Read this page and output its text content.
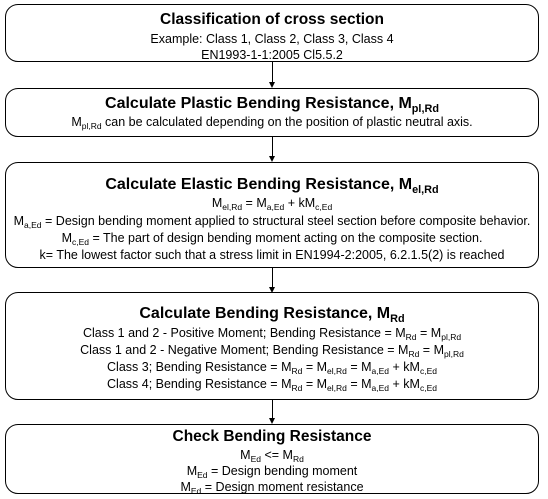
Classification of cross section
Example: Class 1, Class 2, Class 3, Class 4
EN1993-1-1:2005 Cl5.5.2
Calculate Plastic Bending Resistance, $M_{pl,Rd}$
$M_{pl,Rd}$ can be calculated depending on the position of plastic neutral axis.
Calculate Elastic Bending Resistance, $M_{el,Rd}$
$M_{el,Rd} = M_{a,Ed} + kM_{c,Ed}$
$M_{a,Ed}$ = Design bending moment applied to structural steel section before composite behavior.
$M_{c,Ed}$ = The part of design bending moment acting on the composite section.
k= The lowest factor such that a stress limit in EN1994-2:2005, 6.2.1.5(2) is reached
Calculate Bending Resistance, $M_{Rd}$
Class 1 and 2 - Positive Moment; Bending Resistance = $M_{Rd} = M_{pl,Rd}$
Class 1 and 2 - Negative Moment; Bending Resistance = $M_{Rd} = M_{pl,Rd}$
Class 3; Bending Resistance = $M_{Rd} = M_{el,Rd} = M_{a,Ed} + kM_{c,Ed}$
Class 4; Bending Resistance = $M_{Rd} = M_{el,Rd} = M_{a,Ed} + kM_{c,Ed}$
Check Bending Resistance
$M_{Ed} <= M_{Rd}$
$M_{Ed}$ = Design bending moment
$M_{Ed}$ = Design moment resistance
